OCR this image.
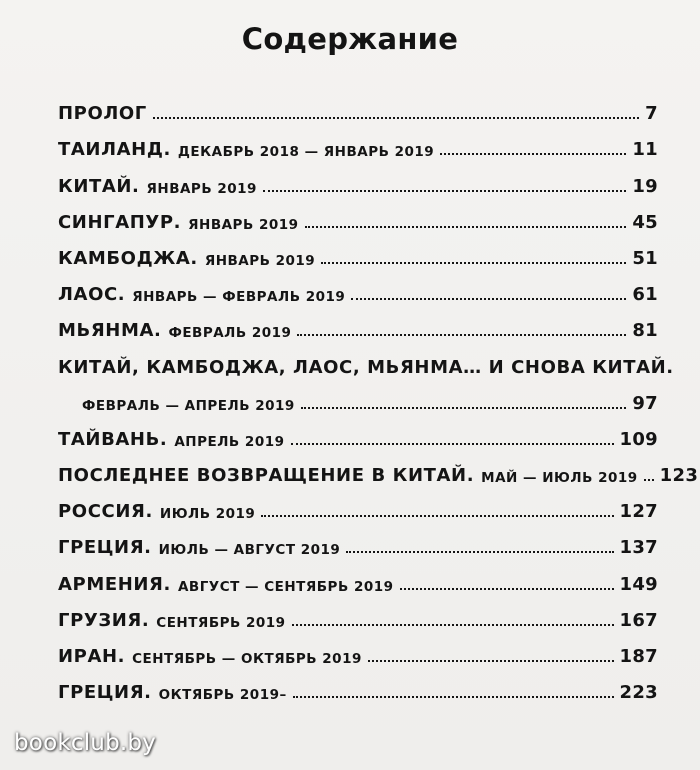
Содержание
ПРОЛОГ	7
ТАИЛАНД. ДЕКАБРЬ 2018 — ЯНВАРЬ 2019	11
КИТАЙ. ЯНВАРЬ 2019	19
СИНГАПУР. ЯНВАРЬ 2019	45
КАМБОДЖА. ЯНВАРЬ 2019	51
ЛАОС. ЯНВАРЬ — ФЕВРАЛЬ 2019	61
МЬЯНМА. ФЕВРАЛЬ 2019	81
КИТАЙ, КАМБОДЖА, ЛАОС, МЬЯНМА… И СНОВА КИТАЙ.
ФЕВРАЛЬ — АПРЕЛЬ 2019	97
ТАЙВАНЬ. АПРЕЛЬ 2019	109
ПОСЛЕДНЕЕ ВОЗВРАЩЕНИЕ В КИТАЙ. МАЙ — ИЮЛЬ 2019 123
РОССИЯ. ИЮЛЬ 2019	127
ГРЕЦИЯ. ИЮЛЬ — АВГУСТ 2019	137
АРМЕНИЯ. АВГУСТ — СЕНТЯБРЬ 2019	149
ГРУЗИЯ. СЕНТЯБРЬ 2019	167
ИРАН. СЕНТЯБРЬ — ОКТЯБРЬ 2019	187
ГРЕЦИЯ. ОКТЯБРЬ 2019–	223
bookclub.by
